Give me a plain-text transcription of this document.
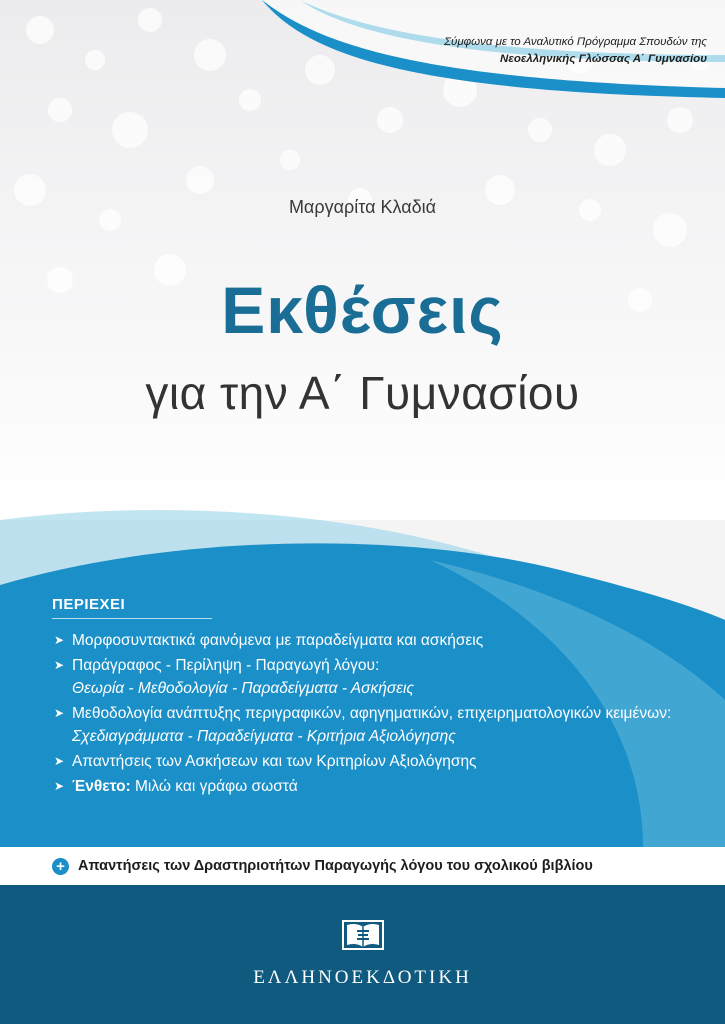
Σύμφωνα με το Αναλυτικό Πρόγραμμα Σπουδών της
Νεοελληνικής Γλώσσας Α΄ Γυμνασίου
Μαργαρίτα Κλαδιά
Εκθέσεις
για την Α΄ Γυμνασίου
ΠΕΡΙΕΧΕΙ
➤ Μορφοσυντακτικά φαινόμενα με παραδείγματα και ασκήσεις
➤ Παράγραφος - Περίληψη - Παραγωγή λόγου:
Θεωρία - Μεθοδολογία - Παραδείγματα - Ασκήσεις
➤ Μεθοδολογία ανάπτυξης περιγραφικών, αφηγηματικών, επιχειρηματολογικών κειμένων:
Σχεδιαγράμματα - Παραδείγματα - Κριτήρια Αξιολόγησης
➤ Απαντήσεις των Ασκήσεων και των Κριτηρίων Αξιολόγησης
➤ Ένθετο: Μιλώ και γράφω σωστά
+ Απαντήσεις των Δραστηριοτήτων Παραγωγής λόγου του σχολικού βιβλίου
ΕΛΛΗΝΟΕΚΔΟΤΙΚΗ
